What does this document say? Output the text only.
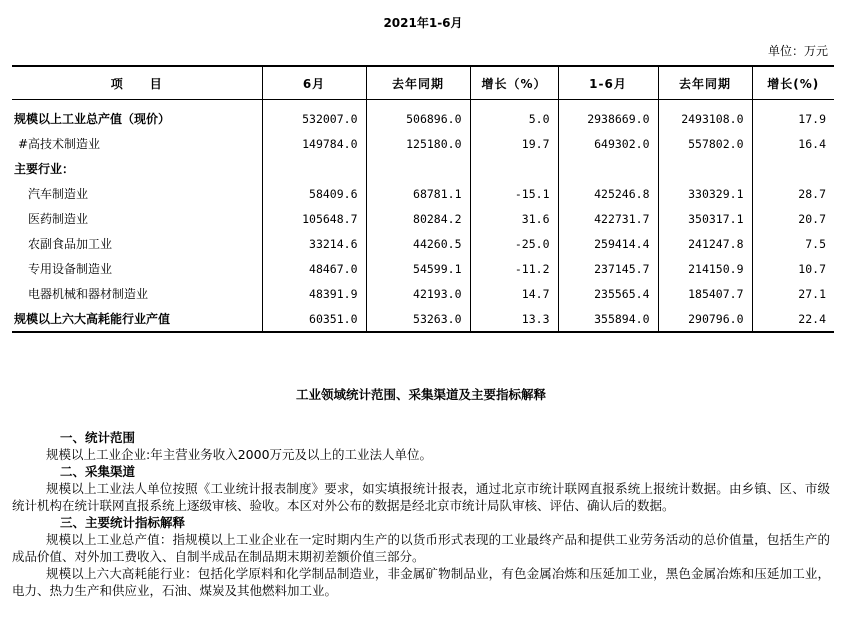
2021年1-6月
单位：万元
项　　目	6月	去年同期	增长（%）	1-6月	去年同期	增长(%)
规模以上工业总产值（现价）	532007.0	506896.0	5.0	2938669.0	2493108.0	17.9
#高技术制造业	149784.0	125180.0	19.7	649302.0	557802.0	16.4
主要行业：						
汽车制造业	58409.6	68781.1	-15.1	425246.8	330329.1	28.7
医药制造业	105648.7	80284.2	31.6	422731.7	350317.1	20.7
农副食品加工业	33214.6	44260.5	-25.0	259414.4	241247.8	7.5
专用设备制造业	48467.0	54599.1	-11.2	237145.7	214150.9	10.7
电器机械和器材制造业	48391.9	42193.0	14.7	235565.4	185407.7	27.1
规模以上六大高耗能行业产值	60351.0	53263.0	13.3	355894.0	290796.0	22.4
工业领域统计范围、采集渠道及主要指标解释
一、统计范围

规模以上工业企业:年主营业务收入2000万元及以上的工业法人单位。

二、采集渠道

规模以上工业法人单位按照《工业统计报表制度》要求，如实填报统计报表，通过北京市统计联网直报系统上报统计数据。由乡镇、区、市级统计机构在统计联网直报系统上逐级审核、验收。本区对外公布的数据是经北京市统计局队审核、评估、确认后的数据。

三、主要统计指标解释

规模以上工业总产值：指规模以上工业企业在一定时期内生产的以货币形式表现的工业最终产品和提供工业劳务活动的总价值量，包括生产的成品价值、对外加工费收入、自制半成品在制品期末期初差额价值三部分。

规模以上六大高耗能行业：包括化学原料和化学制品制造业，非金属矿物制品业，有色金属冶炼和压延加工业，黑色金属冶炼和压延加工业，电力、热力生产和供应业，石油、煤炭及其他燃料加工业。
